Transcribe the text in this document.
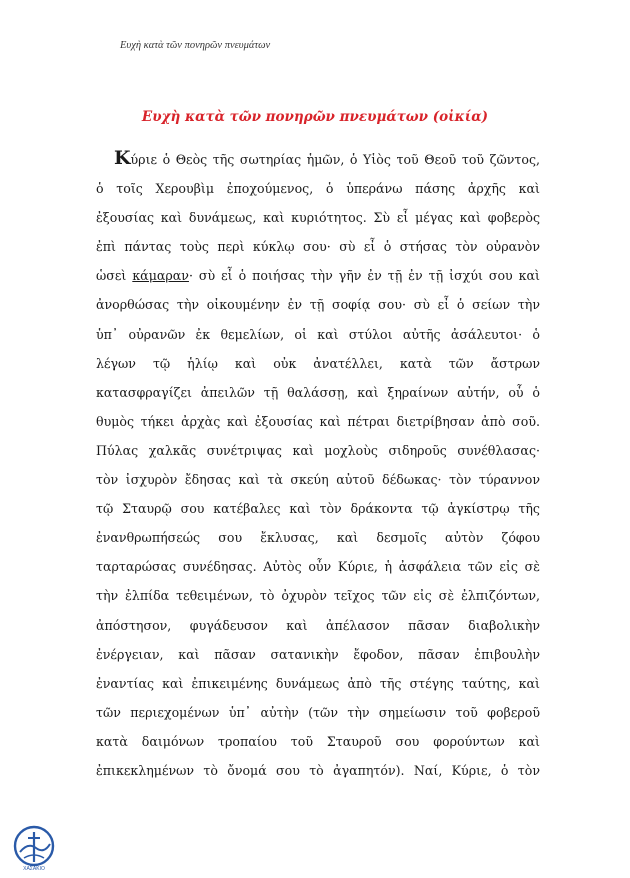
Ευχὴ κατὰ τῶν πονηρῶν πνευμάτων
Ευχὴ κατὰ τῶν πονηρῶν πνευμάτων (οἰκία)
Κύριε ὁ Θεὸς τῆς σωτηρίας ἡμῶν, ὁ Υἱὸς τοῦ Θεοῦ τοῦ ζῶντος,
ὁ τοῖς Χερουβὶμ ἐποχούμενος, ὁ ὑπεράνω πάσης ἀρχῆς καὶ
ἐξουσίας καὶ δυνάμεως, καὶ κυριότητος. Σὺ εἶ μέγας καὶ φοβερὸς
ἐπὶ πάντας τοὺς περὶ κύκλῳ σου· σὺ εἶ ὁ στήσας τὸν οὐρανὸν
ὡσεὶ κάμαραν· σὺ εἶ ὁ ποιήσας τὴν γῆν ἐν τῇ ἐν τῇ ἰσχύι σου καὶ
ἀνορθώσας τὴν οἰκουμένην ἐν τῇ σοφίᾳ σου· σὺ εἶ ὁ σείων τὴν
ὑπ᾽ οὐρανῶν ἐκ θεμελίων, οἱ καὶ στύλοι αὐτῆς ἀσάλευτοι· ὁ
λέγων τῷ ἡλίῳ καὶ οὐκ ἀνατέλλει, κατὰ τῶν ἄστρων
κατασφραγίζει ἀπειλῶν τῇ θαλάσσῃ, καὶ ξηραίνων αὐτήν, οὗ ὁ
θυμὸς τήκει ἀρχὰς καὶ ἐξουσίας καὶ πέτραι διετρίβησαν ἀπὸ σοῦ.
Πύλας χαλκᾶς συνέτριψας καὶ μοχλοὺς σιδηροῦς συνέθλασας·
τὸν ἰσχυρὸν ἔδησας καὶ τὰ σκεύη αὐτοῦ δέδωκας· τὸν τύραννον
τῷ Σταυρῷ σου κατέβαλες καὶ τὸν δράκοντα τῷ ἀγκίστρῳ τῆς
ἐνανθρωπήσεώς σου ἔκλυσας, καὶ δεσμοῖς αὐτὸν ζόφου
ταρταρώσας συνέδησας. Αὐτὸς οὖν Κύριε, ἡ ἀσφάλεια τῶν εἰς σὲ
τὴν ἐλπίδα τεθειμένων, τὸ ὀχυρὸν τεῖχος τῶν εἰς σὲ ἐλπιζόντων,
ἀπόστησον, φυγάδευσον καὶ ἀπέλασον πᾶσαν διαβολικὴν
ἐνέργειαν, καὶ πᾶσαν σατανικὴν ἔφοδον, πᾶσαν ἐπιβουλὴν
ἐναντίας καὶ ἐπικειμένης δυνάμεως ἀπὸ τῆς στέγης ταύτης, καὶ
τῶν περιεχομένων ὑπ᾽ αὐτὴν (τῶν τὴν σημείωσιν τοῦ φοβεροῦ
κατὰ δαιμόνων τροπαίου τοῦ Σταυροῦ σου φορούντων καὶ
ἐπικεκλημένων τὸ ὄνομά σου τὸ ἀγαπητόν). Ναί, Κύριε, ὁ τὸν
ΧΑΣΑΚΙΟ
